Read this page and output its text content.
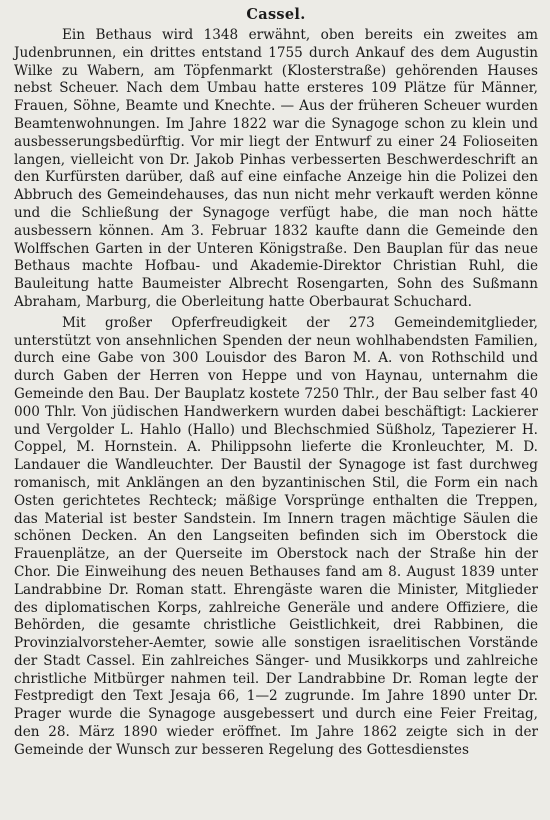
Cassel.

Ein Bethaus wird 1348 erwähnt, oben bereits ein zweites am Judenbrunnen, ein drittes entstand 1755 durch Ankauf des dem Augustin Wilke zu Wabern, am Töpfenmarkt (Klosterstraße) gehörenden Hauses nebst Scheuer. Nach dem Umbau hatte ersteres 109 Plätze für Männer, Frauen, Söhne, Beamte und Knechte. — Aus der früheren Scheuer wurden Beamtenwohnungen. Im Jahre 1822 war die Synagoge schon zu klein und ausbesserungsbedürftig. Vor mir liegt der Entwurf zu einer 24 Folioseiten langen, vielleicht von Dr. Jakob Pinhas verbesserten Beschwerdeschrift an den Kurfürsten darüber, daß auf eine einfache Anzeige hin die Polizei den Abbruch des Gemeindehauses, das nun nicht mehr verkauft werden könne und die Schließung der Synagoge verfügt habe, die man noch hätte ausbessern können. Am 3. Februar 1832 kaufte dann die Gemeinde den Wolffschen Garten in der Unteren Königstraße. Den Bauplan für das neue Bethaus machte Hofbau- und Akademie-Direktor Christian Ruhl, die Bauleitung hatte Baumeister Albrecht Rosengarten, Sohn des Sußmann Abraham, Marburg, die Oberleitung hatte Oberbaurat Schuchard.

Mit großer Opferfreudigkeit der 273 Gemeindemitglieder, unterstützt von ansehnlichen Spenden der neun wohlhabendsten Familien, durch eine Gabe von 300 Louisdor des Baron M. A. von Rothschild und durch Gaben der Herren von Heppe und von Haynau, unternahm die Gemeinde den Bau. Der Bauplatz kostete 7250 Thlr., der Bau selber fast 40 000 Thlr. Von jüdischen Handwerkern wurden dabei beschäftigt: Lackierer und Vergolder L. Hahlo (Hallo) und Blechschmied Süßholz, Tapezierer H. Coppel, M. Hornstein. A. Philippsohn lieferte die Kronleuchter, M. D. Landauer die Wandleuchter. Der Baustil der Synagoge ist fast durchweg romanisch, mit Anklängen an den byzantinischen Stil, die Form ein nach Osten gerichtetes Rechteck; mäßige Vorsprünge enthalten die Treppen, das Material ist bester Sandstein. Im Innern tragen mächtige Säulen die schönen Decken. An den Langseiten befinden sich im Oberstock die Frauenplätze, an der Querseite im Oberstock nach der Straße hin der Chor. Die Einweihung des neuen Bethauses fand am 8. August 1839 unter Landrabbine Dr. Roman statt. Ehrengäste waren die Minister, Mitglieder des diplomatischen Korps, zahlreiche Generäle und andere Offiziere, die Behörden, die gesamte christliche Geistlichkeit, drei Rabbinen, die Provinzialvorsteher-Aemter, sowie alle sonstigen israelitischen Vorstände der Stadt Cassel. Ein zahlreiches Sänger- und Musikkorps und zahlreiche christliche Mitbürger nahmen teil. Der Landrabbine Dr. Roman legte der Festpredigt den Text Jesaja 66, 1—2 zugrunde. Im Jahre 1890 unter Dr. Prager wurde die Synagoge ausgebessert und durch eine Feier Freitag, den 28. März 1890 wieder eröffnet. Im Jahre 1862 zeigte sich in der Gemeinde der Wunsch zur besseren Regelung des Gottesdienstes
